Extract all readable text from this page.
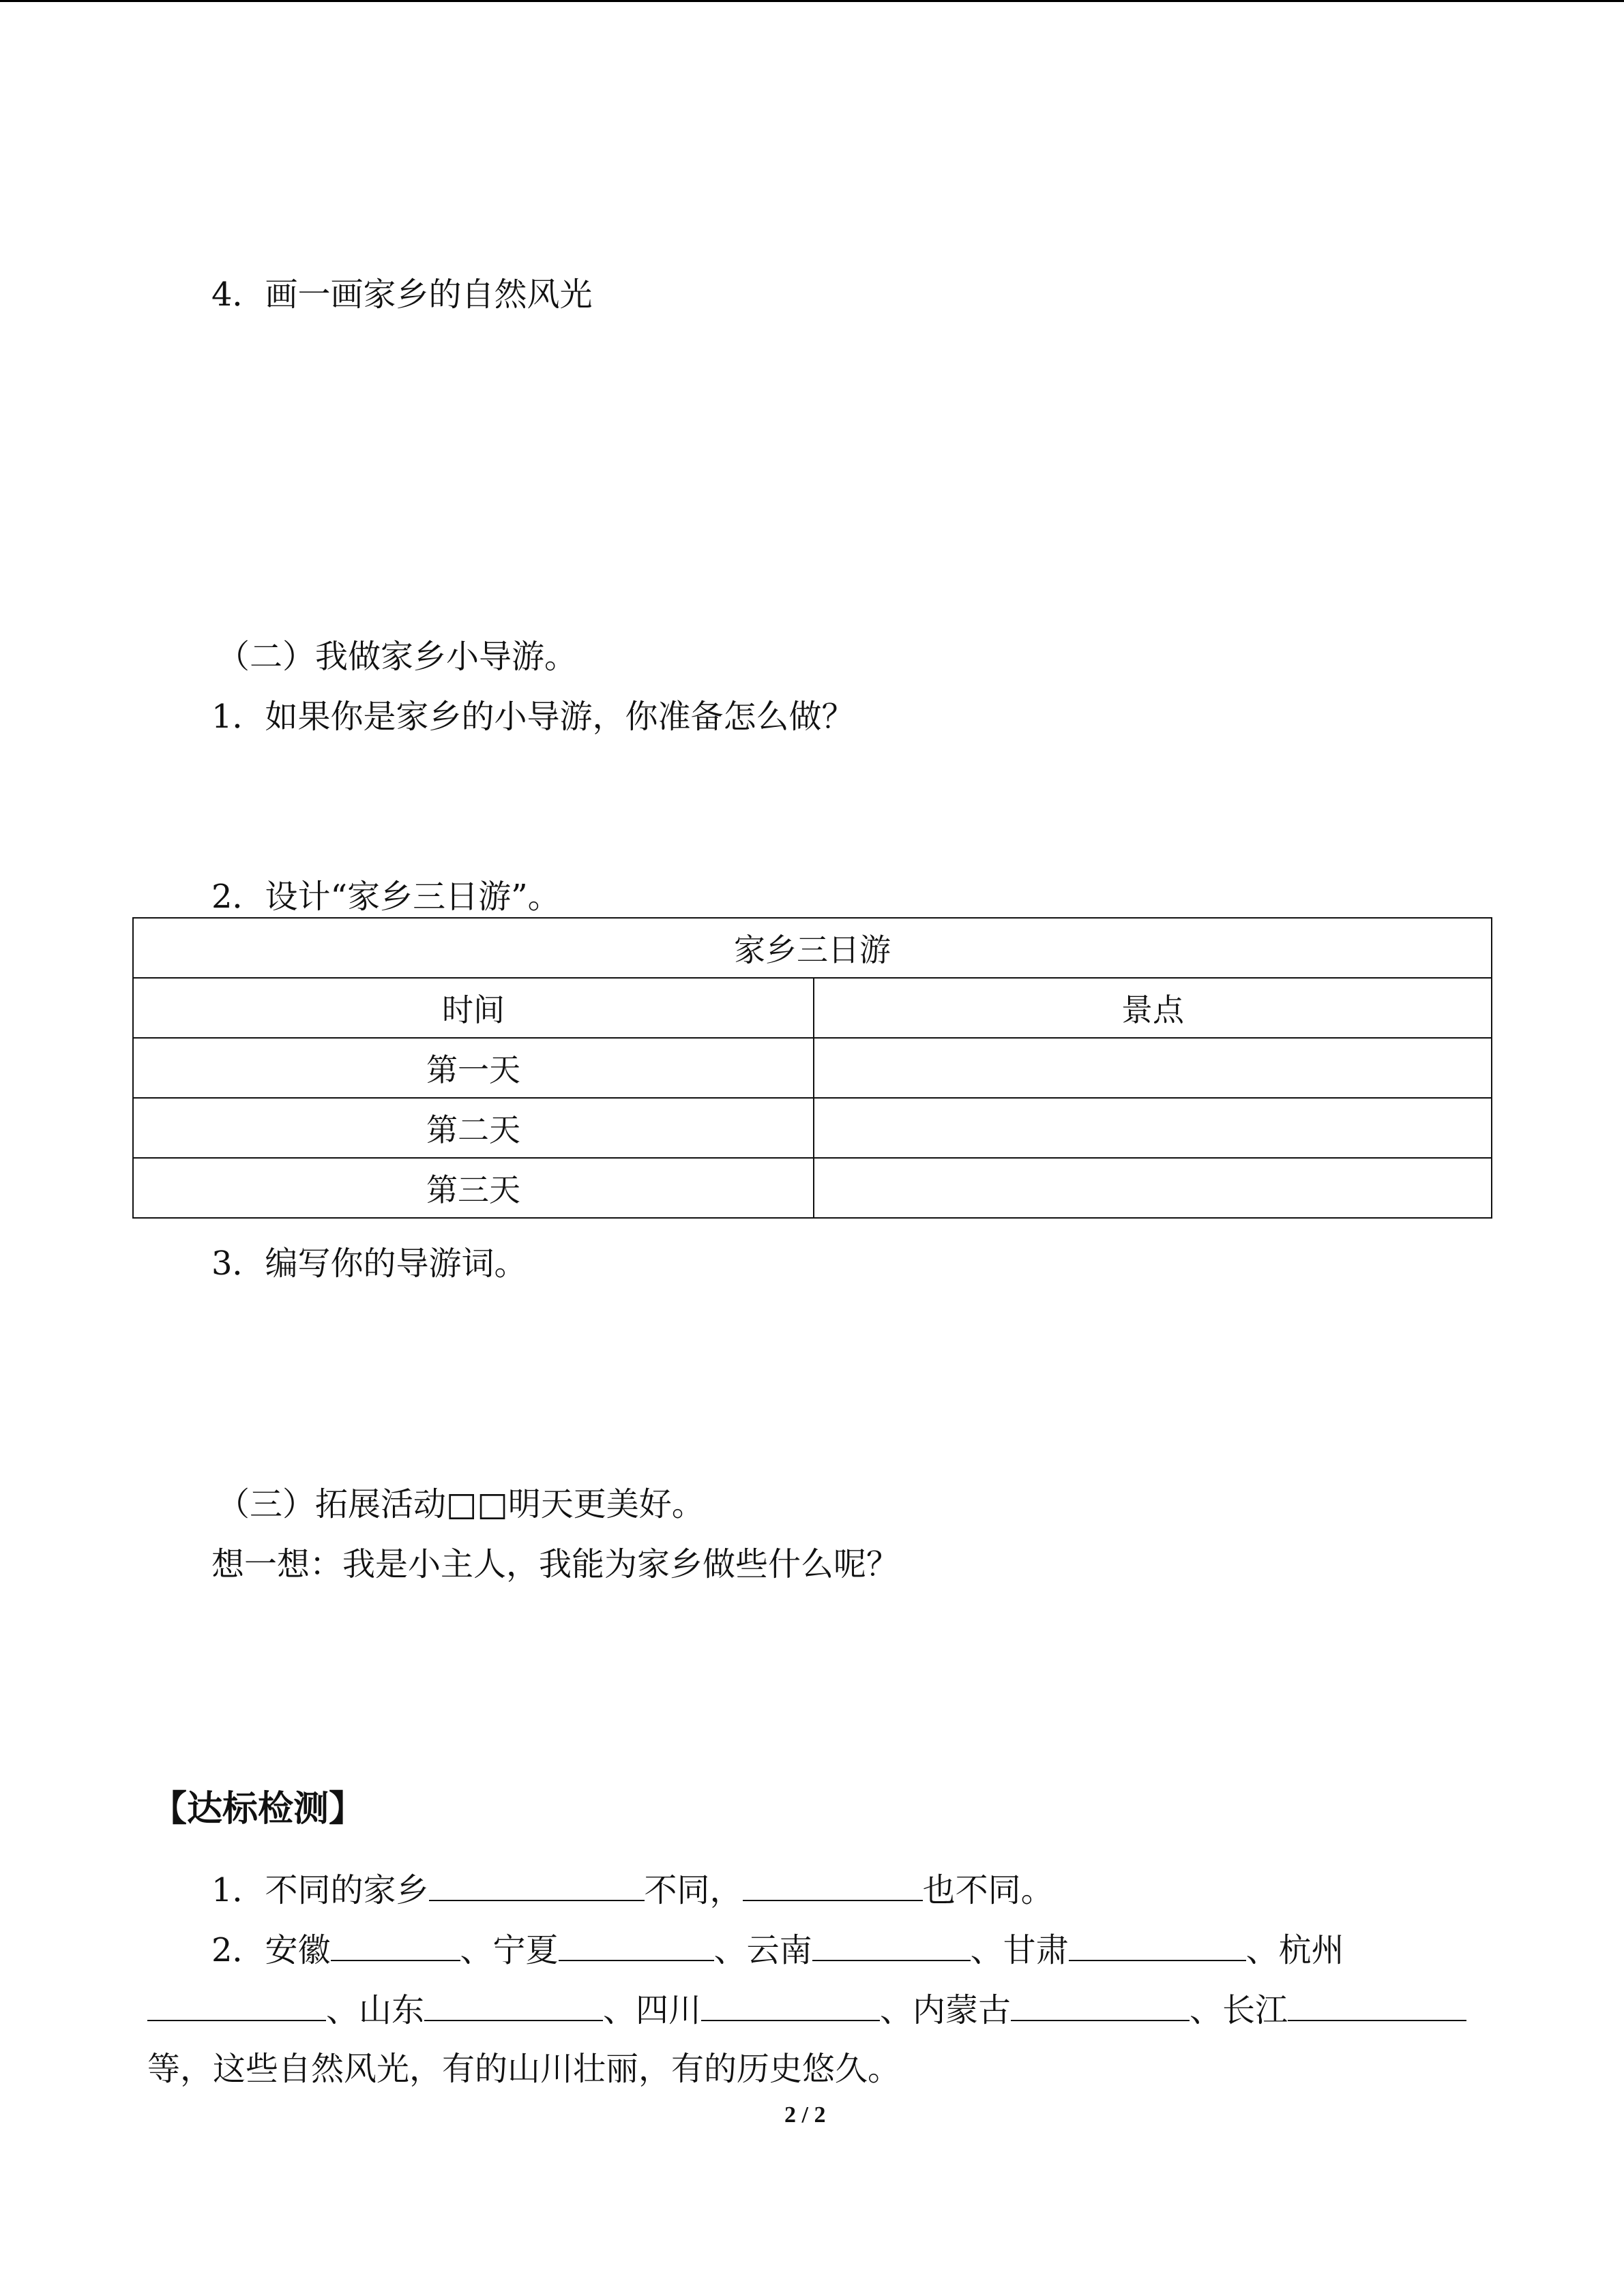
4．画一画家乡的自然风光
（二）我做家乡小导游。
1．如果你是家乡的小导游，你准备怎么做？
2．设计“家乡三日游”。
家乡三日游	
时间	景点
第一天	
第二天	
第三天	
3．编写你的导游词。
（三）拓展活动□□明天更美好。
想一想：我是小主人，我能为家乡做些什么呢？
【达标检测】
1．不同的家乡	不同，	也不同。
2．安徽	、宁夏	、云南	、甘肃	、杭州
、山东	、四川	、内蒙古	、长江
等，这些自然风光，有的山川壮丽，有的历史悠久。
2 / 2
